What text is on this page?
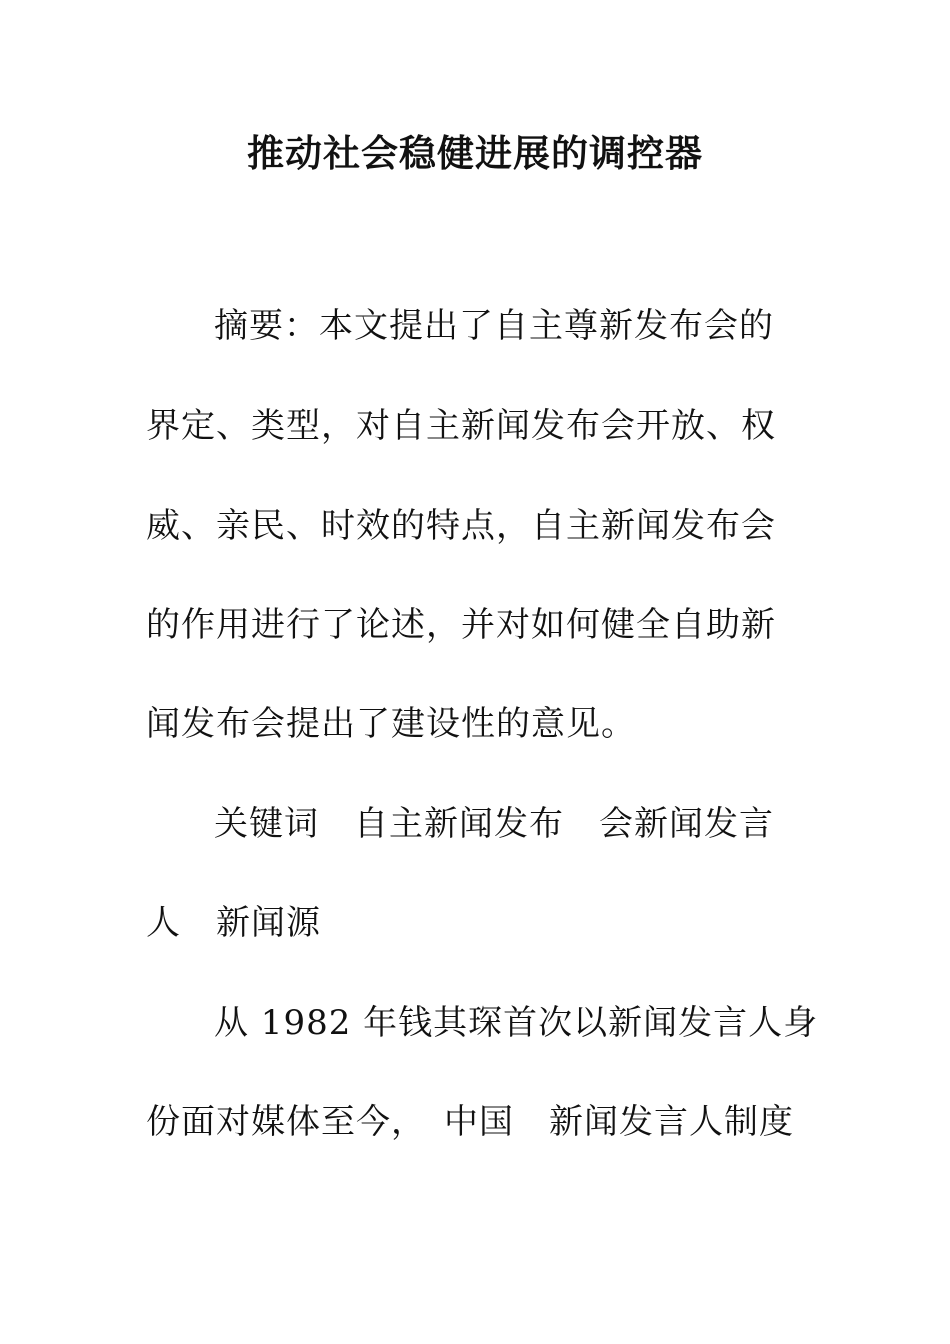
推动社会稳健进展的调控器
摘要：本文提出了自主尊新发布会的
界定、类型，对自主新闻发布会开放、权
威、亲民、时效的特点，自主新闻发布会
的作用进行了论述，并对如何健全自助新
闻发布会提出了建设性的意见。
关键词　自主新闻发布　会新闻发言
人　新闻源
从 1982 年钱其琛首次以新闻发言人身
份面对媒体至今，　中国　新闻发言人制度
